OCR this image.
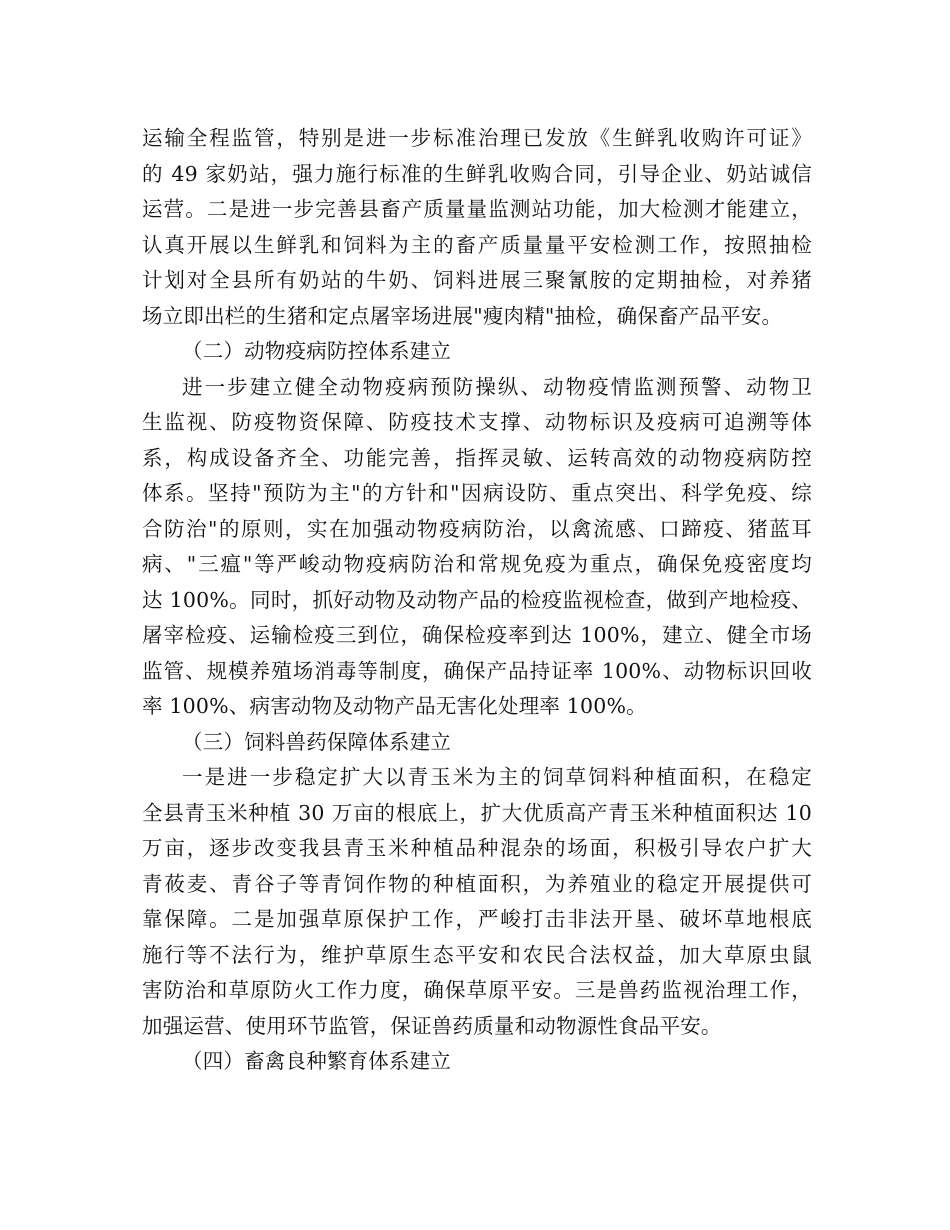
运输全程监管，特别是进一步标准治理已发放《生鲜乳收购许可证》
的 49 家奶站，强力施行标准的生鲜乳收购合同，引导企业、奶站诚信
运营。二是进一步完善县畜产质量量监测站功能，加大检测才能建立，
认真开展以生鲜乳和饲料为主的畜产质量量平安检测工作，按照抽检
计划对全县所有奶站的牛奶、饲料进展三聚氰胺的定期抽检，对养猪
场立即出栏的生猪和定点屠宰场进展"瘦肉精"抽检，确保畜产品平安。
（二）动物疫病防控体系建立
进一步建立健全动物疫病预防操纵、动物疫情监测预警、动物卫
生监视、防疫物资保障、防疫技术支撑、动物标识及疫病可追溯等体
系，构成设备齐全、功能完善，指挥灵敏、运转高效的动物疫病防控
体系。坚持"预防为主"的方针和"因病设防、重点突出、科学免疫、综
合防治"的原则，实在加强动物疫病防治，以禽流感、口蹄疫、猪蓝耳
病、"三瘟"等严峻动物疫病防治和常规免疫为重点，确保免疫密度均
达 100%。同时，抓好动物及动物产品的检疫监视检查，做到产地检疫、
屠宰检疫、运输检疫三到位，确保检疫率到达 100%，建立、健全市场
监管、规模养殖场消毒等制度，确保产品持证率 100%、动物标识回收
率 100%、病害动物及动物产品无害化处理率 100%。
（三）饲料兽药保障体系建立
一是进一步稳定扩大以青玉米为主的饲草饲料种植面积，在稳定
全县青玉米种植 30 万亩的根底上，扩大优质高产青玉米种植面积达 10
万亩，逐步改变我县青玉米种植品种混杂的场面，积极引导农户扩大
青莜麦、青谷子等青饲作物的种植面积，为养殖业的稳定开展提供可
靠保障。二是加强草原保护工作，严峻打击非法开垦、破坏草地根底
施行等不法行为，维护草原生态平安和农民合法权益，加大草原虫鼠
害防治和草原防火工作力度，确保草原平安。三是兽药监视治理工作，
加强运营、使用环节监管，保证兽药质量和动物源性食品平安。
（四）畜禽良种繁育体系建立
